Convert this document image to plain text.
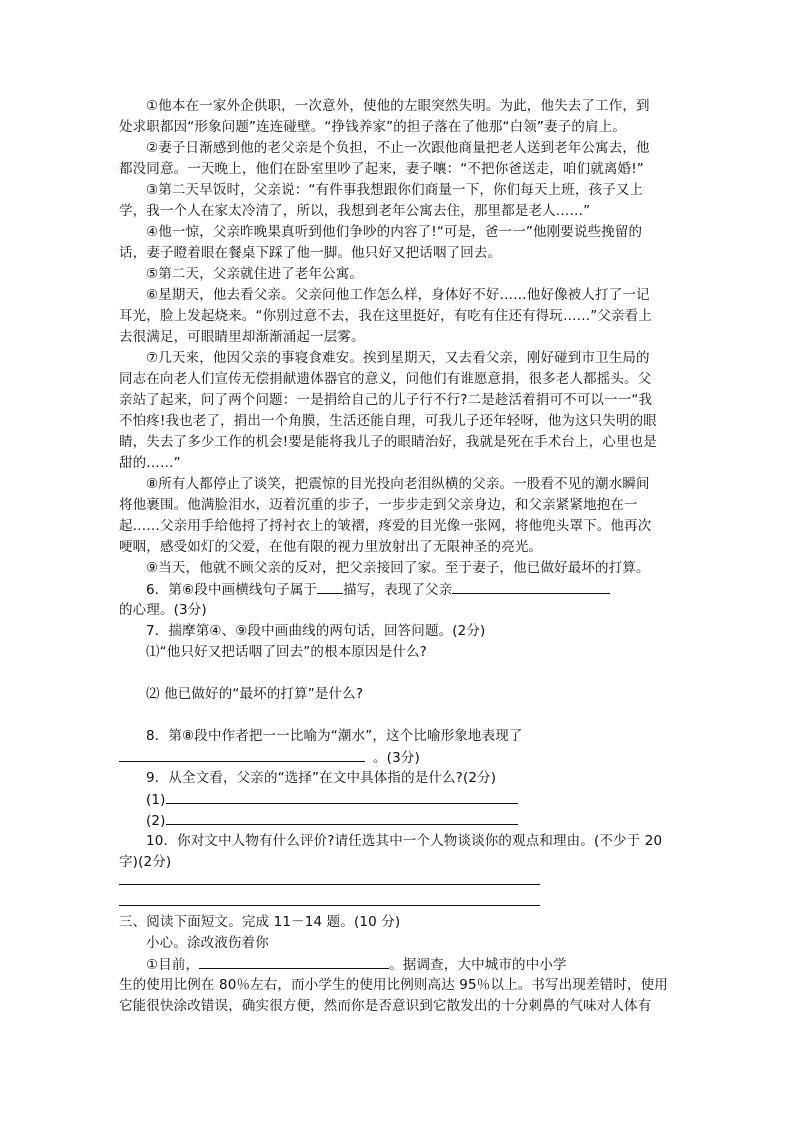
①他本在一家外企供职，一次意外，使他的左眼突然失明。为此，他失去了工作，到
处求职都因“形象问题”连连碰壁。“挣钱养家”的担子落在了他那“白领”妻子的肩上。
②妻子日渐感到他的老父亲是个负担，不止一次跟他商量把老人送到老年公寓去，他
都没同意。一天晚上，他们在卧室里吵了起来，妻子嚷：“不把你爸送走，咱们就离婚!”
③第二天早饭时，父亲说：“有件事我想跟你们商量一下，你们每天上班，孩子又上
学，我一个人在家太冷清了，所以，我想到老年公寓去住，那里都是老人……”
④他一惊，父亲昨晚果真听到他们争吵的内容了!“可是，爸一一”他刚要说些挽留的
话，妻子瞪着眼在餐桌下踩了他一脚。他只好又把话咽了回去。
⑤第二天，父亲就住进了老年公寓。
⑥星期天，他去看父亲。父亲问他工作怎么样，身体好不好……他好像被人打了一记
耳光，脸上发起烧来。“你别过意不去，我在这里挺好，有吃有住还有得玩……”父亲看上
去很满足，可眼睛里却渐渐涌起一层雾。
⑦几天来，他因父亲的事寝食难安。挨到星期天，又去看父亲，刚好碰到市卫生局的
同志在向老人们宣传无偿捐献遗体器官的意义，问他们有谁愿意捐，很多老人都摇头。父
亲站了起来，问了两个问题：一是捐给自己的儿子行不行?二是趁活着捐可不可以一一“我
不怕疼!我也老了，捐出一个角膜，生活还能自理，可我儿子还年轻呀，他为这只失明的眼
睛，失去了多少工作的机会!要是能将我儿子的眼睛治好，我就是死在手术台上，心里也是
甜的……”
⑧所有人都停止了谈笑，把震惊的目光投向老泪纵横的父亲。一股看不见的潮水瞬间
将他裹围。他满脸泪水，迈着沉重的步子，一步步走到父亲身边，和父亲紧紧地抱在一
起……父亲用手给他捋了捋衬衣上的皱褶，疼爱的目光像一张网，将他兜头罩下。他再次
哽咽，感受如灯的父爱，在他有限的视力里放射出了无限神圣的亮光。
⑨当天，他就不顾父亲的反对，把父亲接回了家。至于妻子，他已做好最坏的打算。
6．第⑥段中画横线句子属于 描写，表现了父亲
的心理。(3分)
7．揣摩第④、⑨段中画曲线的两句话，回答问题。(2分)
⑴“他只好又把话咽了回去”的根本原因是什么?
⑵ 他已做好的“最坏的打算”是什么?
8．第⑧段中作者把一一比喻为“潮水”，这个比喻形象地表现了
。(3分)
9．从全文看，父亲的“选择”在文中具体指的是什么?(2分)
(1)
(2)
10．你对文中人物有什么评价?请任选其中一个人物谈谈你的观点和理由。(不少于 20
字)(2分)
三、阅读下面短文。完成 11－14 题。(10 分)
小心。涂改液伤着你
①目前，	。据调查，大中城市的中小学
生的使用比例在 80％左右，而小学生的使用比例则高达 95％以上。书写出现差错时，使用
它能很快涂改错误，确实很方便，然而你是否意识到它散发出的十分刺鼻的气味对人体有
